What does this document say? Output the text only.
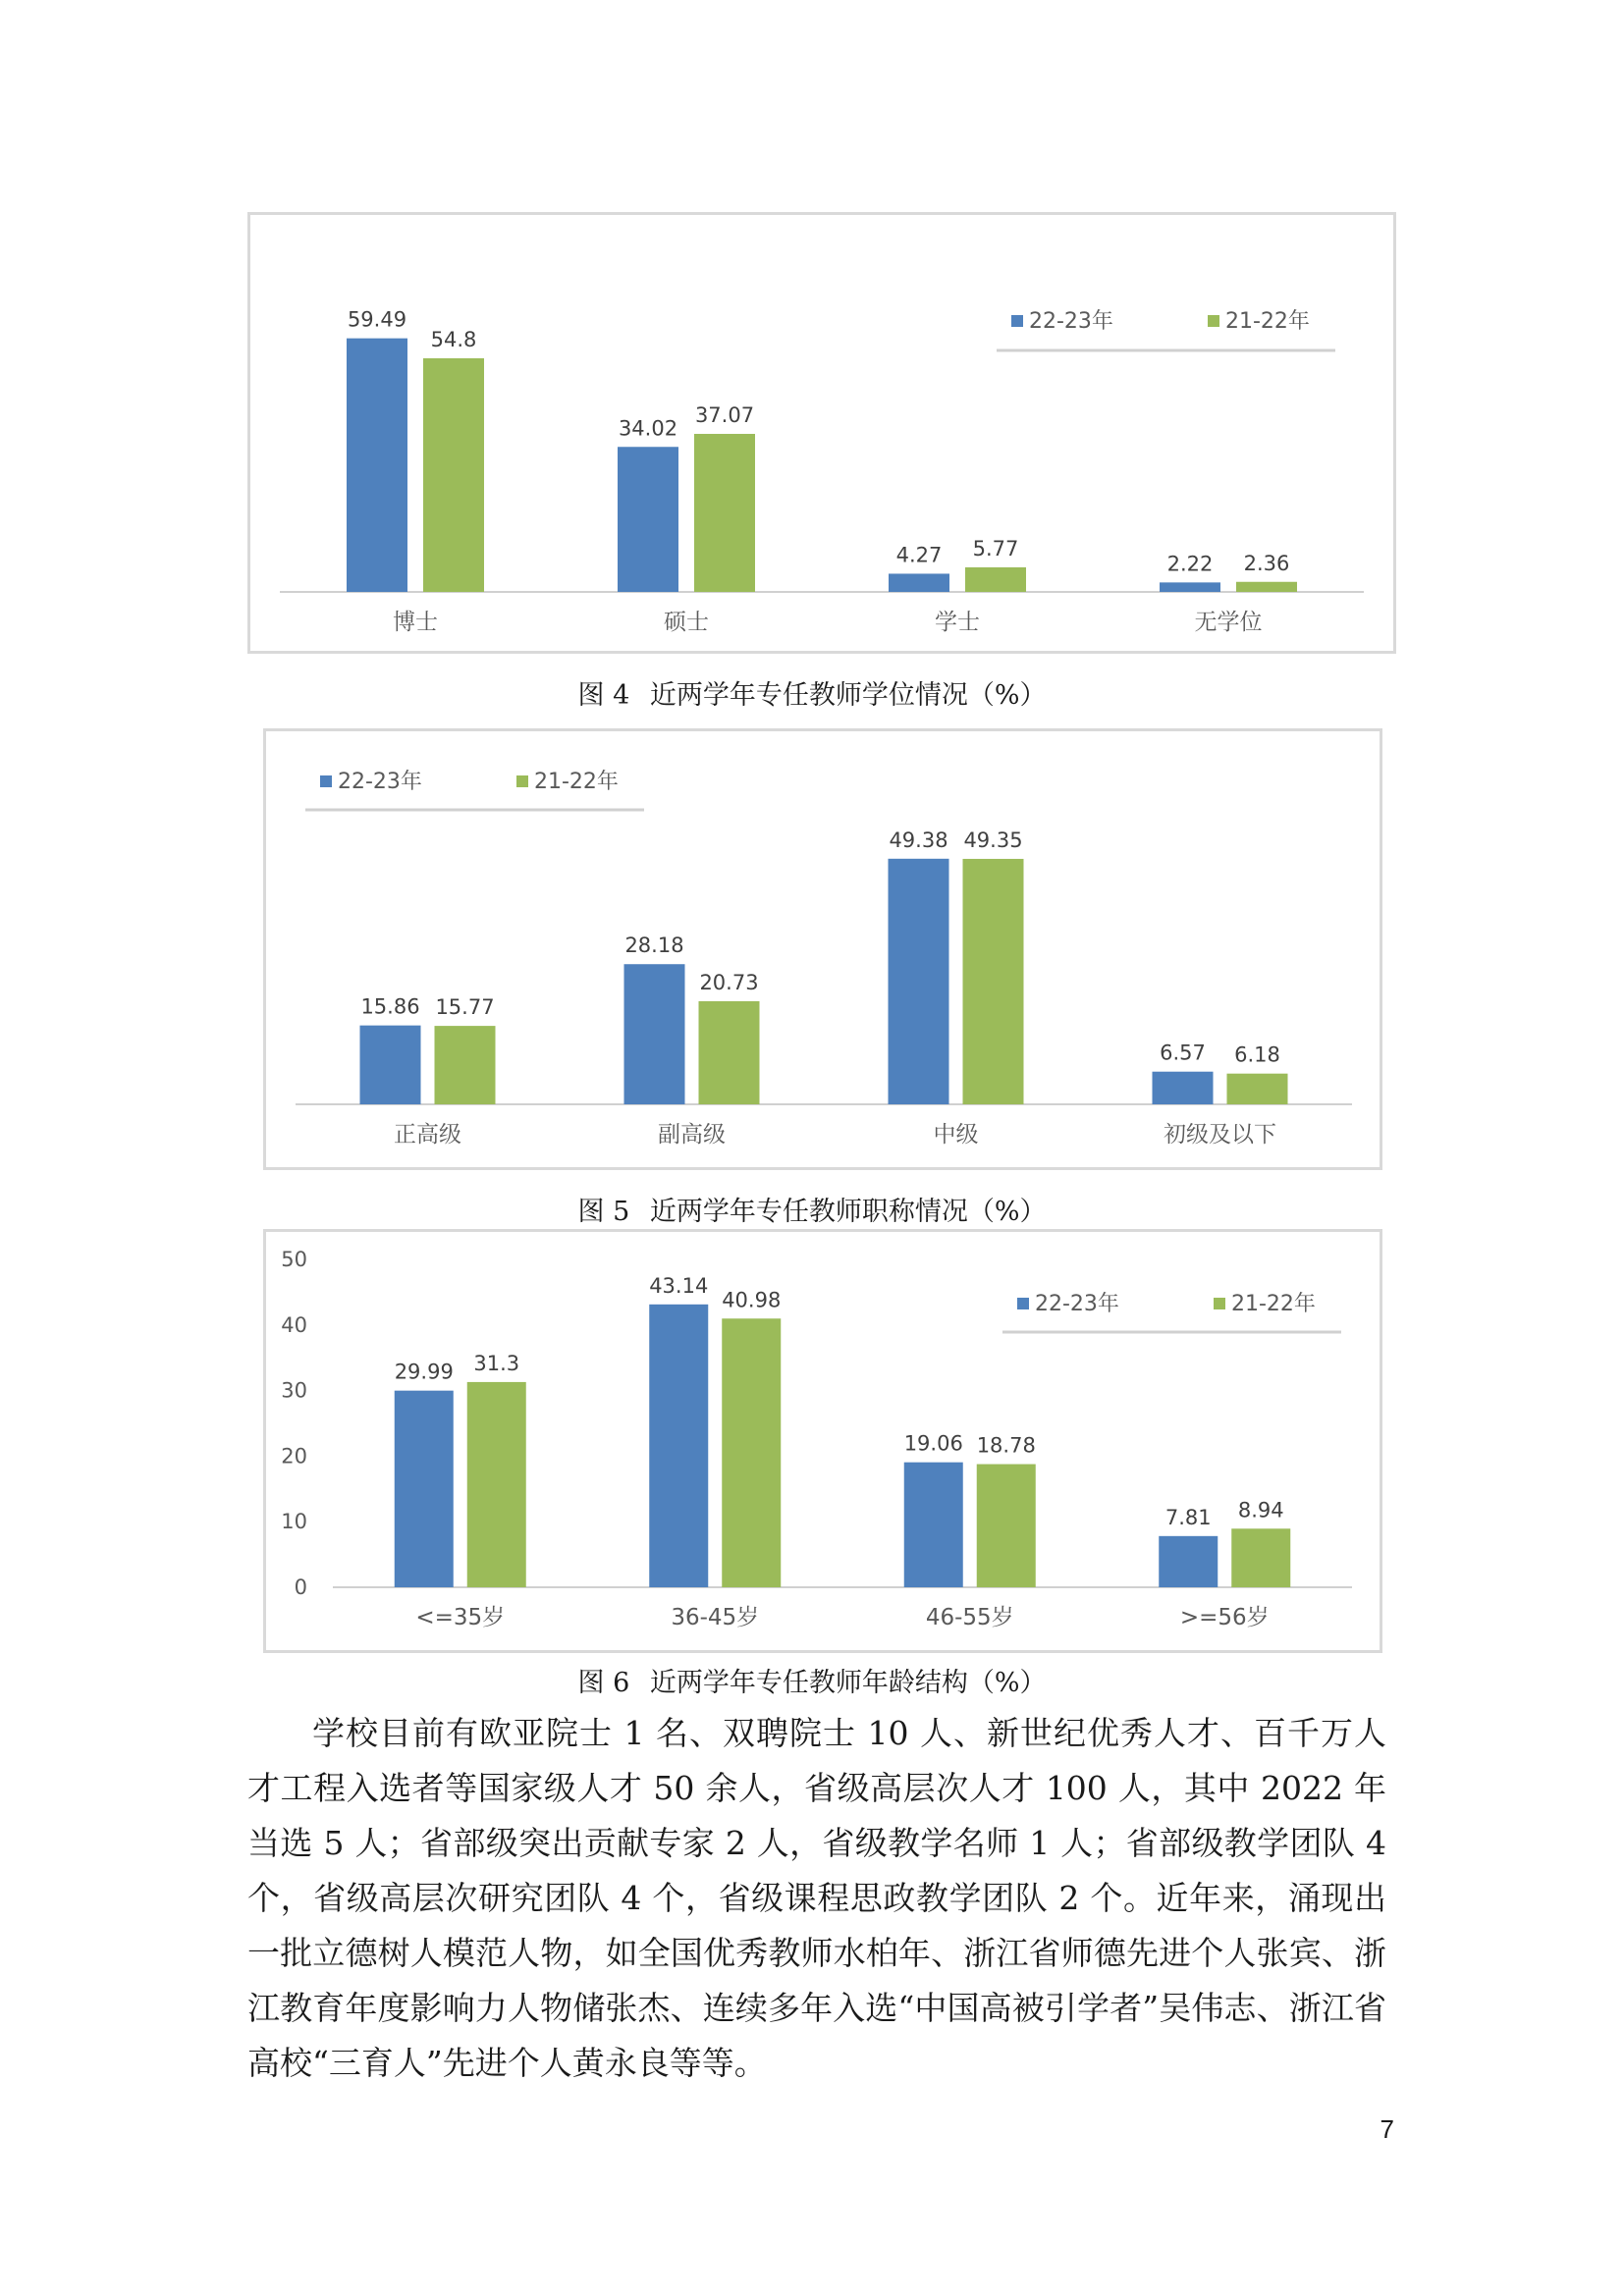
59.49
54.8
博士
34.02
37.07
硕士
4.27 5.77
学士
2.22 2.36
无学位
22-23年	21-22年
图 4 近两学年专任教师学位情况（%）
15.86 15.77
正高级
28.18
20.73
副高级
49.38 49.35
中级
6.57 6.18
初级及以下
22-23年	21-22年
图 5 近两学年专任教师职称情况（%）
0
10
20
30
40
50
29.99 31.3
<=35岁
43.14
40.98
36-45岁
19.06 18.78
46-55岁
7.81 8.94
>=56岁
22-23年	21-22年
图 6 近两学年专任教师年龄结构（%）
学校目前有欧亚院士 1 名、双聘院士 10 人、新世纪优秀人才、百千万人才工程入选者等国家级人才 50 余人，省级高层次人才 100 人，其中 2022 年当选 5 人；省部级突出贡献专家 2 人，省级教学名师 1 人；省部级教学团队 4 个，省级高层次研究团队 4 个，省级课程思政教学团队 2 个。近年来，涌现出一批立德树人模范人物，如全国优秀教师水柏年、浙江省师德先进个人张宾、浙江教育年度影响力人物储张杰、连续多年入选“中国高被引学者”吴伟志、浙江省高校“三育人”先进个人黄永良等等。
7
